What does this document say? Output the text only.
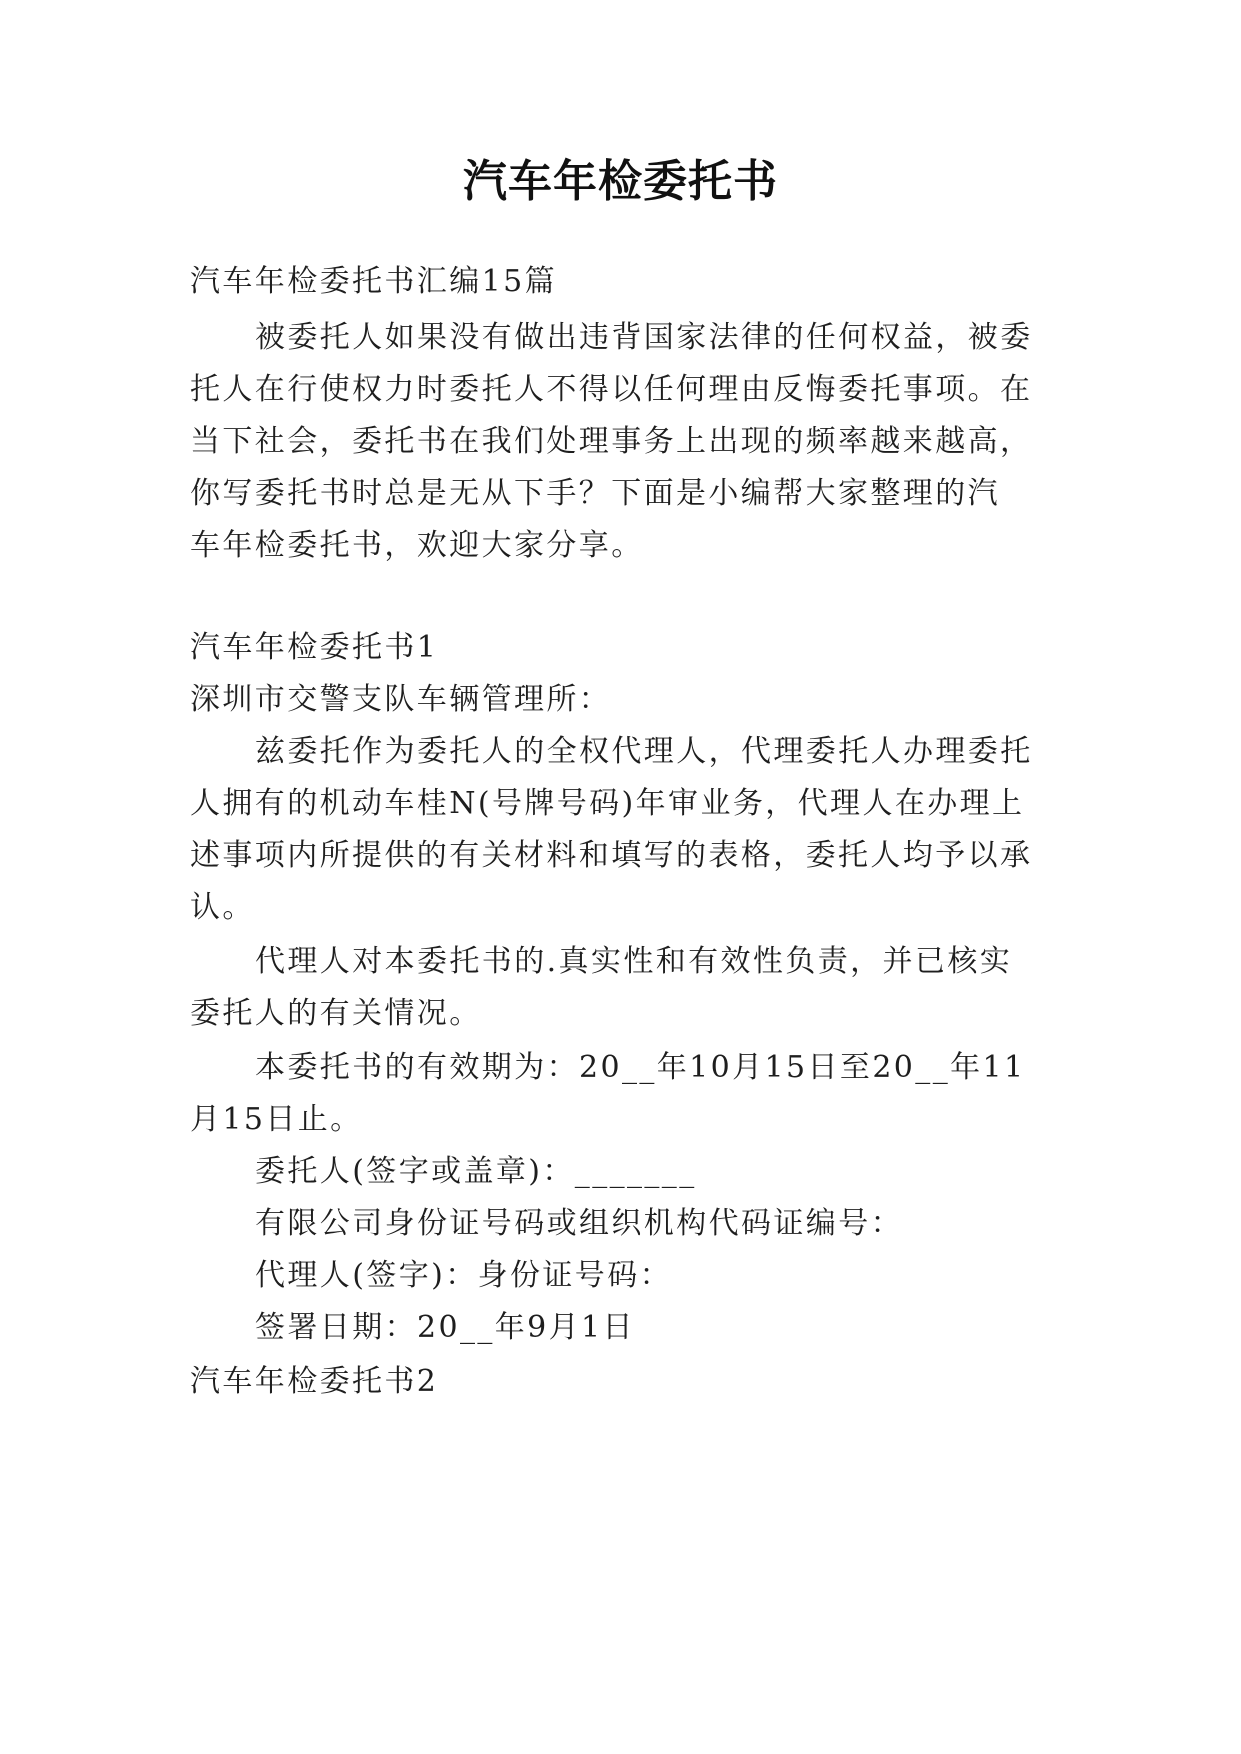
汽车年检委托书
汽车年检委托书汇编15篇
被委托人如果没有做出违背国家法律的任何权益，被委
托人在行使权力时委托人不得以任何理由反悔委托事项。在
当下社会，委托书在我们处理事务上出现的频率越来越高，
你写委托书时总是无从下手？下面是小编帮大家整理的汽
车年检委托书，欢迎大家分享。
汽车年检委托书1
深圳市交警支队车辆管理所：
兹委托作为委托人的全权代理人，代理委托人办理委托
人拥有的机动车桂N(号牌号码)年审业务，代理人在办理上
述事项内所提供的有关材料和填写的表格，委托人均予以承
认。
代理人对本委托书的.真实性和有效性负责，并已核实
委托人的有关情况。
本委托书的有效期为：20__年10月15日至20__年11
月15日止。
委托人(签字或盖章)：_______
有限公司身份证号码或组织机构代码证编号：
代理人(签字)：身份证号码：
签署日期：20__年9月1日
汽车年检委托书2
